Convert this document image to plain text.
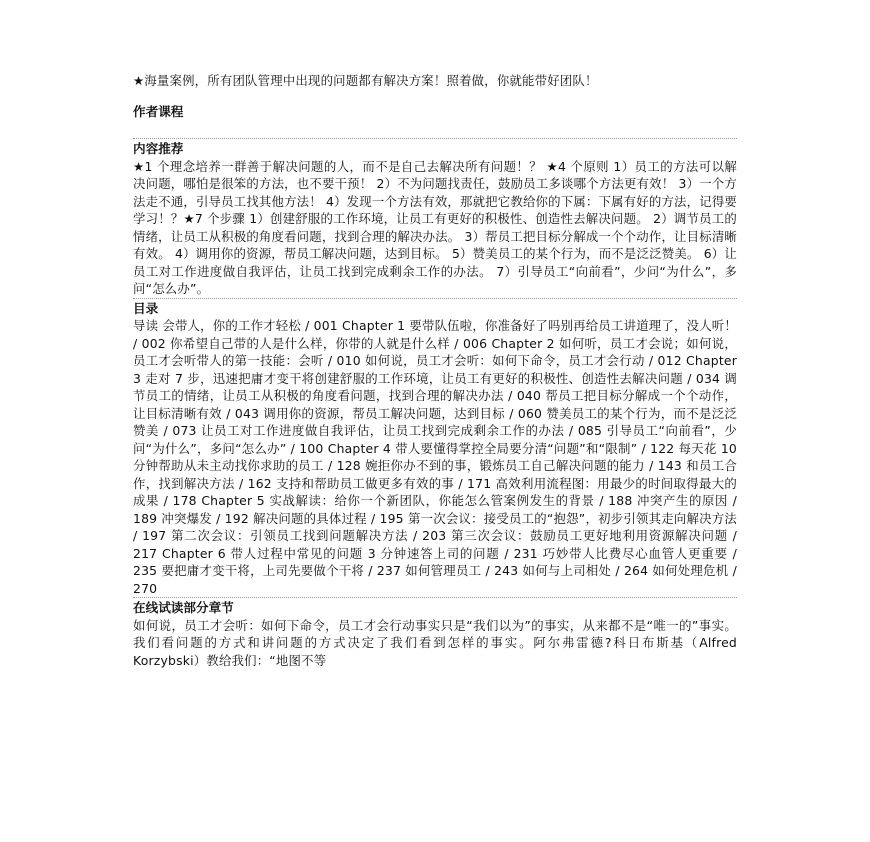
★海量案例，所有团队管理中出现的问题都有解决方案！照着做，你就能带好团队！

作者课程
内容推荐

★1 个理念培养一群善于解决问题的人，而不是自己去解决所有问题！？ ★4 个原则 1）员工的方法可以解决问题，哪怕是很笨的方法，也不要干预！ 2）不为问题找责任，鼓励员工多谈哪个方法更有效！ 3）一个方法走不通，引导员工找其他方法！ 4）发现一个方法有效，那就把它教给你的下属：下属有好的方法，记得要学习！？★7 个步骤 1）创建舒服的工作环境，让员工有更好的积极性、创造性去解决问题。 2）调节员工的情绪，让员工从积极的角度看问题，找到合理的解决办法。 3）帮员工把目标分解成一个个动作，让目标清晰有效。 4）调用你的资源，帮员工解决问题，达到目标。 5）赞美员工的某个行为，而不是泛泛赞美。 6）让员工对工作进度做自我评估，让员工找到完成剩余工作的办法。 7）引导员工“向前看”，少问“为什么”，多问“怎么办”。

目录

导读 会带人，你的工作才轻松 / 001 Chapter 1 要带队伍啦，你准备好了吗别再给员工讲道理了，没人听！ / 002 你希望自己带的人是什么样，你带的人就是什么样 / 006 Chapter 2 如何听，员工才会说；如何说，员工才会听带人的第一技能：会听 / 010 如何说，员工才会听：如何下命令，员工才会行动 / 012 Chapter 3 走对 7 步，迅速把庸才变干将创建舒服的工作环境，让员工有更好的积极性、创造性去解决问题 / 034 调节员工的情绪，让员工从积极的角度看问题，找到合理的解决办法 / 040 帮员工把目标分解成一个个动作，让目标清晰有效 / 043 调用你的资源，帮员工解决问题，达到目标 / 060 赞美员工的某个行为，而不是泛泛赞美 / 073 让员工对工作进度做自我评估，让员工找到完成剩余工作的办法 / 085 引导员工“向前看”，少问“为什么”，多问“怎么办” / 100 Chapter 4 带人要懂得掌控全局要分清“问题”和“限制” / 122 每天花 10 分钟帮助从未主动找你求助的员工 / 128 婉拒你办不到的事，锻炼员工自己解决问题的能力 / 143 和员工合作，找到解决方法 / 162 支持和帮助员工做更多有效的事 / 171 高效利用流程图：用最少的时间取得最大的成果 / 178 Chapter 5 实战解读：给你一个新团队，你能怎么管案例发生的背景 / 188 冲突产生的原因 / 189 冲突爆发 / 192 解决问题的具体过程 / 195 第一次会议：接受员工的“抱怨”，初步引领其走向解决方法 / 197 第二次会议：引领员工找到问题解决方法 / 203 第三次会议：鼓励员工更好地利用资源解决问题 / 217 Chapter 6 带人过程中常见的问题 3 分钟速答上司的问题 / 231 巧妙带人比费尽心血管人更重要 / 235 要把庸才变干将，上司先要做个干将 / 237 如何管理员工 / 243 如何与上司相处 / 264 如何处理危机 / 270

在线试读部分章节

如何说，员工才会听：如何下命令，员工才会行动事实只是“我们以为”的事实，从来都不是“唯一的”事实。我们看问题的方式和讲问题的方式决定了我们看到怎样的事实。阿尔弗雷德?科日布斯基（Alfred Korzybski）教给我们：“地图不等
